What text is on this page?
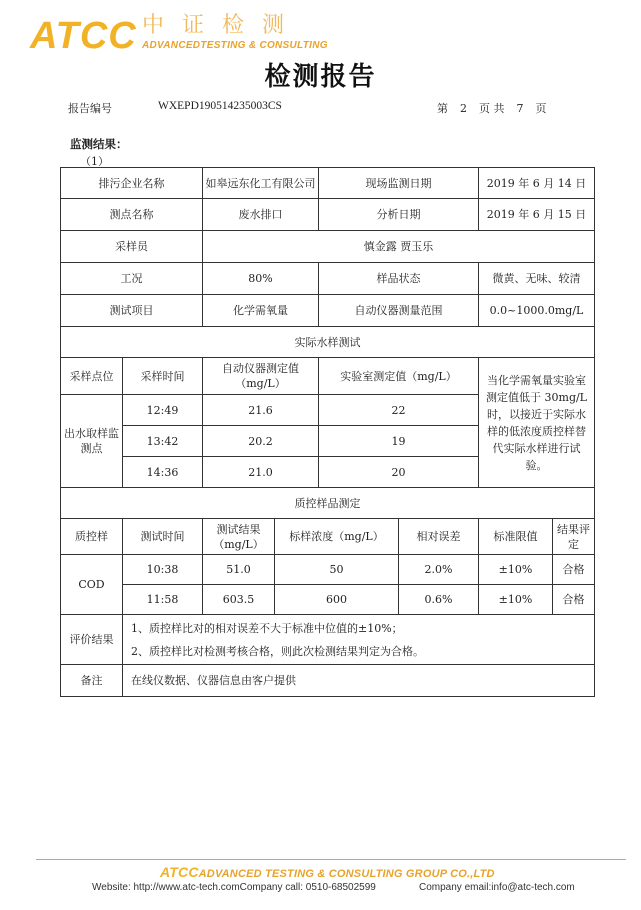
ATCC 中证检测
ADVANCEDTESTING & CONSULTING
检测报告
报告编号	WXEPD190514235003CS	第 2 页 共 7 页
监测结果：
（1）
排污企业名称		如皋远东化工有限公司		现场监测日期		2019 年 6 月 14 日	
测点名称		废水排口		分析日期		2019 年 6 月 15 日	
采样员		慎金露 贾玉乐					
工况		80%		样品状态		微黄、无味、较清	
测试项目		化学需氧量		自动仪器测量范围		0.0~1000.0mg/L	
实际水样测试							
采样点位	采样时间	自动仪器测定值（mg/L）		实验室测定值（mg/L）		当化学需氧量实验室测定值低于 30mg/L 时，以接近于实际水样的低浓度质控样替代实际水样进行试验。	
出水取样监测点	12:49	21.6		22			
	13:42	20.2		19			
	14:36	21.0		20			
质控样品测定							
质控样	测试时间	测试结果（mg/L）	标样浓度（mg/L）		相对误差	标准限值	结果评定
COD	10:38	51.0	50		2.0%	±10%	合格
	11:58	603.5	600		0.6%	±10%	合格
评价结果	1、质控样比对的相对误差不大于标准中位值的±10%；
2、质控样比对检测考核合格，则此次检测结果判定为合格。						

备注	在线仪数据、仪器信息由客户提供						
ATCCADVANCED TESTING & CONSULTING GROUP CO.,LTD
Website: http://www.atc-tech.comCompany call: 0510-68502599	Company email:info@atc-tech.com
